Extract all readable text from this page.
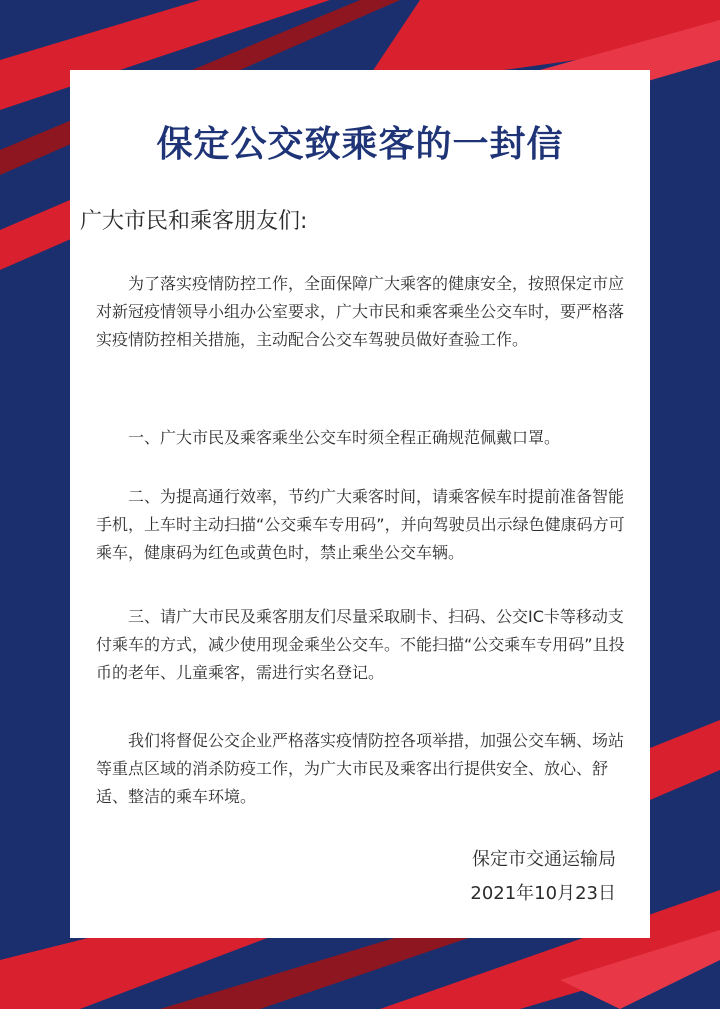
保定公交致乘客的一封信
广大市民和乘客朋友们:

为了落实疫情防控工作，全面保障广大乘客的健康安全，按照保定市应对新冠疫情领导小组办公室要求，广大市民和乘客乘坐公交车时，要严格落实疫情防控相关措施，主动配合公交车驾驶员做好查验工作。

一、广大市民及乘客乘坐公交车时须全程正确规范佩戴口罩。

二、为提高通行效率，节约广大乘客时间，请乘客候车时提前准备智能手机，上车时主动扫描“公交乘车专用码”，并向驾驶员出示绿色健康码方可乘车，健康码为红色或黄色时，禁止乘坐公交车辆。

三、请广大市民及乘客朋友们尽量采取刷卡、扫码、公交IC卡等移动支付乘车的方式，减少使用现金乘坐公交车。不能扫描“公交乘车专用码”且投币的老年、儿童乘客，需进行实名登记。

我们将督促公交企业严格落实疫情防控各项举措，加强公交车辆、场站等重点区域的消杀防疫工作，为广大市民及乘客出行提供安全、放心、舒适、整洁的乘车环境。

保定市交通运输局
2021年10月23日
